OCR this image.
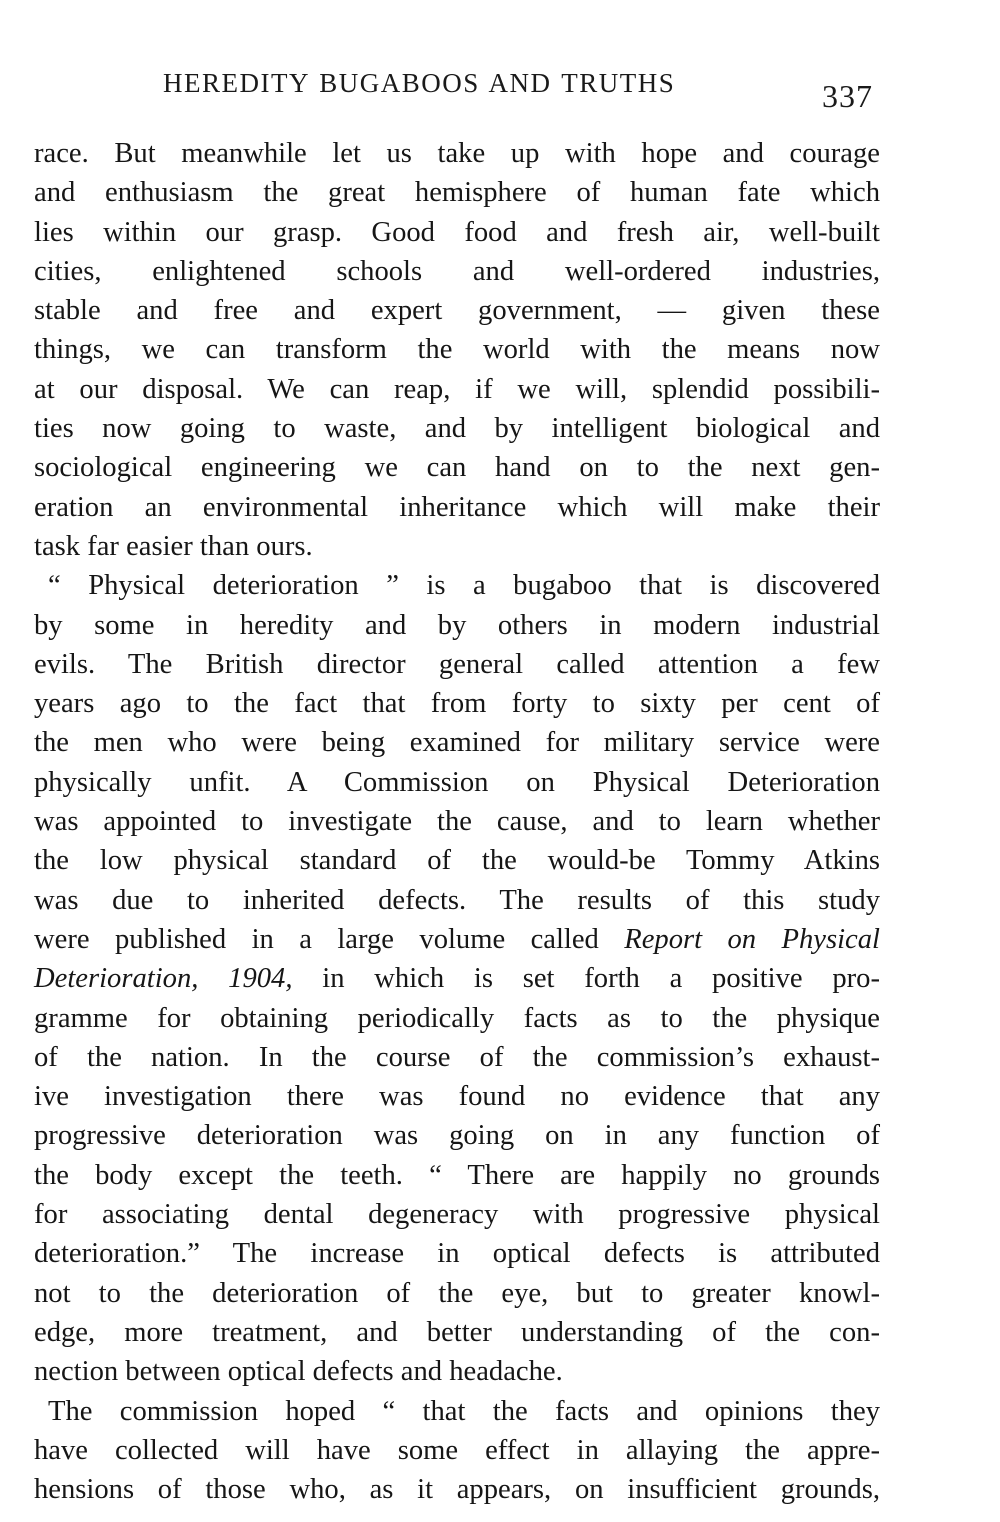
HEREDITY BUGABOOS AND TRUTHS	337
race. But meanwhile let us take up with hope and courage
and enthusiasm the great hemisphere of human fate which
lies within our grasp. Good food and fresh air, well-built
cities, enlightened schools and well-ordered industries,
stable and free and expert government, — given these
things, we can transform the world with the means now
at our disposal. We can reap, if we will, splendid possibili-
ties now going to waste, and by intelligent biological and
sociological engineering we can hand on to the next gen-
eration an environmental inheritance which will make their
task far easier than ours.
“ Physical deterioration ” is a bugaboo that is discovered
by some in heredity and by others in modern industrial
evils. The British director general called attention a few
years ago to the fact that from forty to sixty per cent of
the men who were being examined for military service were
physically unfit. A Commission on Physical Deterioration
was appointed to investigate the cause, and to learn whether
the low physical standard of the would-be Tommy Atkins
was due to inherited defects. The results of this study
were published in a large volume called Report on Physical
Deterioration, 1904, in which is set forth a positive pro-
gramme for obtaining periodically facts as to the physique
of the nation. In the course of the commission’s exhaust-
ive investigation there was found no evidence that any
progressive deterioration was going on in any function of
the body except the teeth. “ There are happily no grounds
for associating dental degeneracy with progressive physical
deterioration.” The increase in optical defects is attributed
not to the deterioration of the eye, but to greater knowl-
edge, more treatment, and better understanding of the con-
nection between optical defects and headache.
The commission hoped “ that the facts and opinions they
have collected will have some effect in allaying the appre-
hensions of those who, as it appears, on insufficient grounds,
